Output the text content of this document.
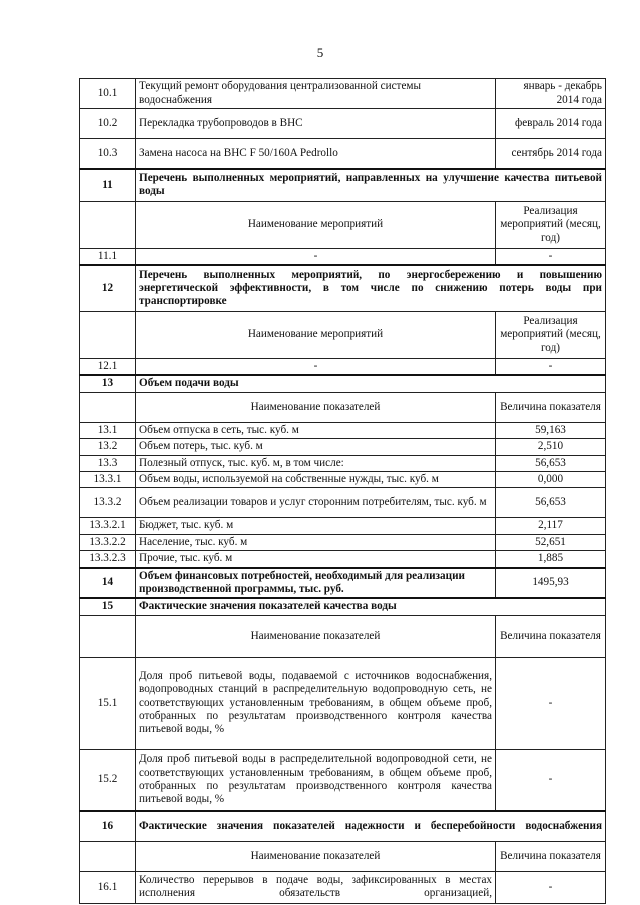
5
10.1	Текущий ремонт оборудования централизованной системы водоснабжения	январь - декабрь 2014 года
10.2	Перекладка трубопроводов в ВНС	февраль 2014 года
10.3	Замена насоса на ВНС F 50/160A Pedrollo	сентябрь 2014 года
11	Перечень выполненных мероприятий, направленных на улучшение качества питьевой воды	
	Наименование мероприятий	Реализация мероприятий (месяц, год)
11.1	-	-
12	Перечень выполненных мероприятий, по энергосбережению и повышению энергетической эффективности, в том числе по снижению потерь воды при транспортировке	
	Наименование мероприятий	Реализация мероприятий (месяц, год)
12.1	-	-
13	Объем подачи воды	
	Наименование показателей	Величина показателя
13.1	Объем отпуска в сеть, тыс. куб. м	59,163
13.2	Объем потерь, тыс. куб. м	2,510
13.3	Полезный отпуск, тыс. куб. м, в том числе:	56,653
13.3.1	Объем воды, используемой на собственные нужды, тыс. куб. м	0,000
13.3.2	Объем реализации товаров и услуг сторонним потребителям, тыс. куб. м	56,653
13.3.2.1	Бюджет, тыс. куб. м	2,117
13.3.2.2	Население, тыс. куб. м	52,651
13.3.2.3	Прочие, тыс. куб. м	1,885
14	Объем финансовых потребностей, необходимый для реализации производственной программы, тыс. руб.	1495,93
15	Фактические значения показателей качества воды	
	Наименование показателей	Величина показателя
15.1	Доля проб питьевой воды, подаваемой с источников водоснабжения, водопроводных станций в распределительную водопроводную сеть, не соответствующих установленным требованиям, в общем объеме проб, отобранных по результатам производственного контроля качества питьевой воды, %	-
15.2	Доля проб питьевой воды в распределительной водопроводной сети, не соответствующих установленным требованиям, в общем объеме проб, отобранных по результатам производственного контроля качества питьевой воды, %	-
16	Фактические значения показателей надежности и бесперебойности водоснабжения	
	Наименование показателей	Величина показателя
16.1	Количество перерывов в подаче воды, зафиксированных в местах исполнения обязательств организацией,	-
